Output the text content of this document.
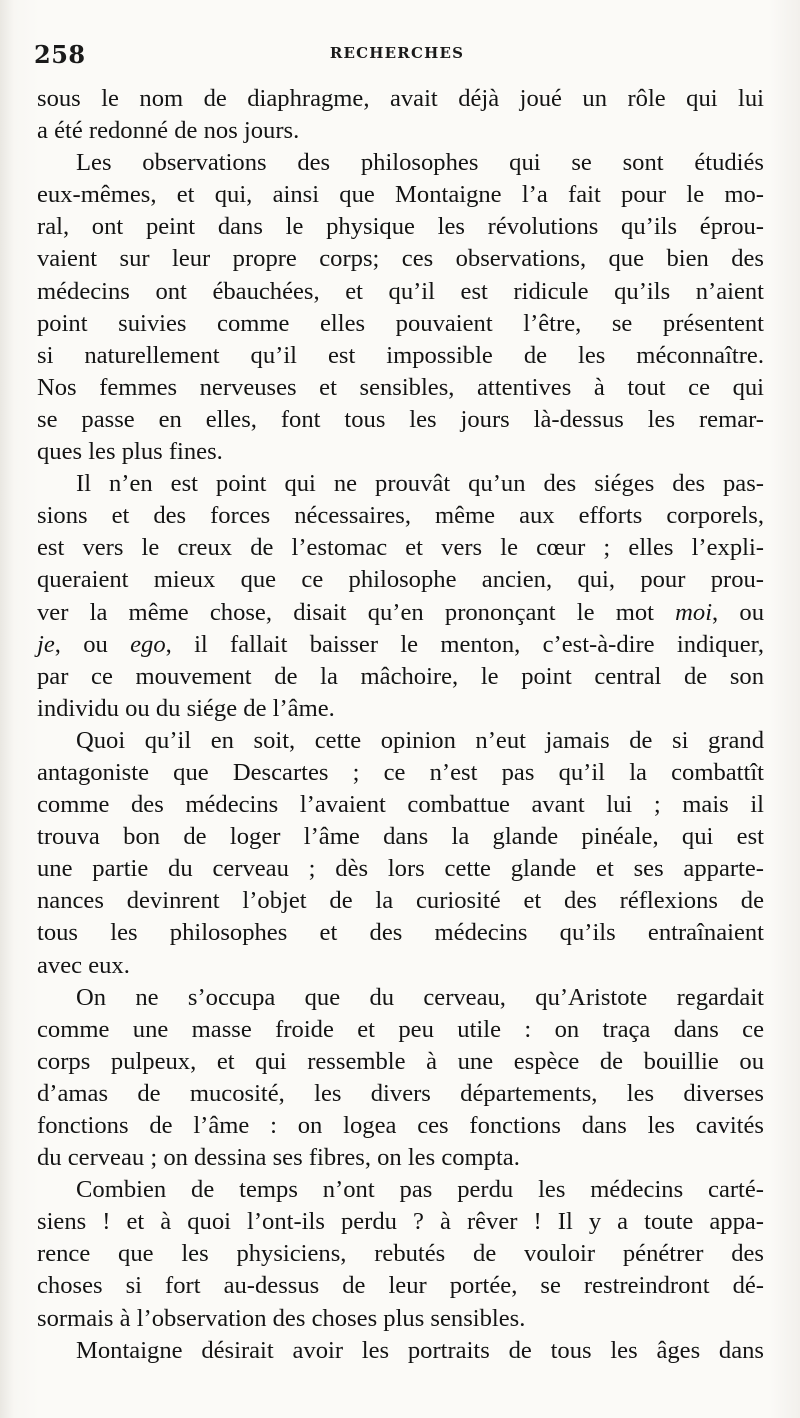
258	RECHERCHES
sous le nom de diaphragme, avait déjà joué un rôle qui lui
a été redonné de nos jours.
Les observations des philosophes qui se sont étudiés
eux-mêmes, et qui, ainsi que Montaigne l’a fait pour le mo-
ral, ont peint dans le physique les révolutions qu’ils éprou-
vaient sur leur propre corps; ces observations, que bien des
médecins ont ébauchées, et qu’il est ridicule qu’ils n’aient
point suivies comme elles pouvaient l’être, se présentent
si naturellement qu’il est impossible de les méconnaître.
Nos femmes nerveuses et sensibles, attentives à tout ce qui
se passe en elles, font tous les jours là-dessus les remar-
ques les plus fines.
Il n’en est point qui ne prouvât qu’un des siéges des pas-
sions et des forces nécessaires, même aux efforts corporels,
est vers le creux de l’estomac et vers le cœur ; elles l’expli-
queraient mieux que ce philosophe ancien, qui, pour prou-
ver la même chose, disait qu’en prononçant le mot moi, ou
je, ou ego, il fallait baisser le menton, c’est-à-dire indiquer,
par ce mouvement de la mâchoire, le point central de son
individu ou du siége de l’âme.
Quoi qu’il en soit, cette opinion n’eut jamais de si grand
antagoniste que Descartes ; ce n’est pas qu’il la combattît
comme des médecins l’avaient combattue avant lui ; mais il
trouva bon de loger l’âme dans la glande pinéale, qui est
une partie du cerveau ; dès lors cette glande et ses apparte-
nances devinrent l’objet de la curiosité et des réflexions de
tous les philosophes et des médecins qu’ils entraînaient
avec eux.
On ne s’occupa que du cerveau, qu’Aristote regardait
comme une masse froide et peu utile : on traça dans ce
corps pulpeux, et qui ressemble à une espèce de bouillie ou
d’amas de mucosité, les divers départements, les diverses
fonctions de l’âme : on logea ces fonctions dans les cavités
du cerveau ; on dessina ses fibres, on les compta.
Combien de temps n’ont pas perdu les médecins carté-
siens ! et à quoi l’ont-ils perdu ? à rêver ! Il y a toute appa-
rence que les physiciens, rebutés de vouloir pénétrer des
choses si fort au-dessus de leur portée, se restreindront dé-
sormais à l’observation des choses plus sensibles.
Montaigne désirait avoir les portraits de tous les âges dans
